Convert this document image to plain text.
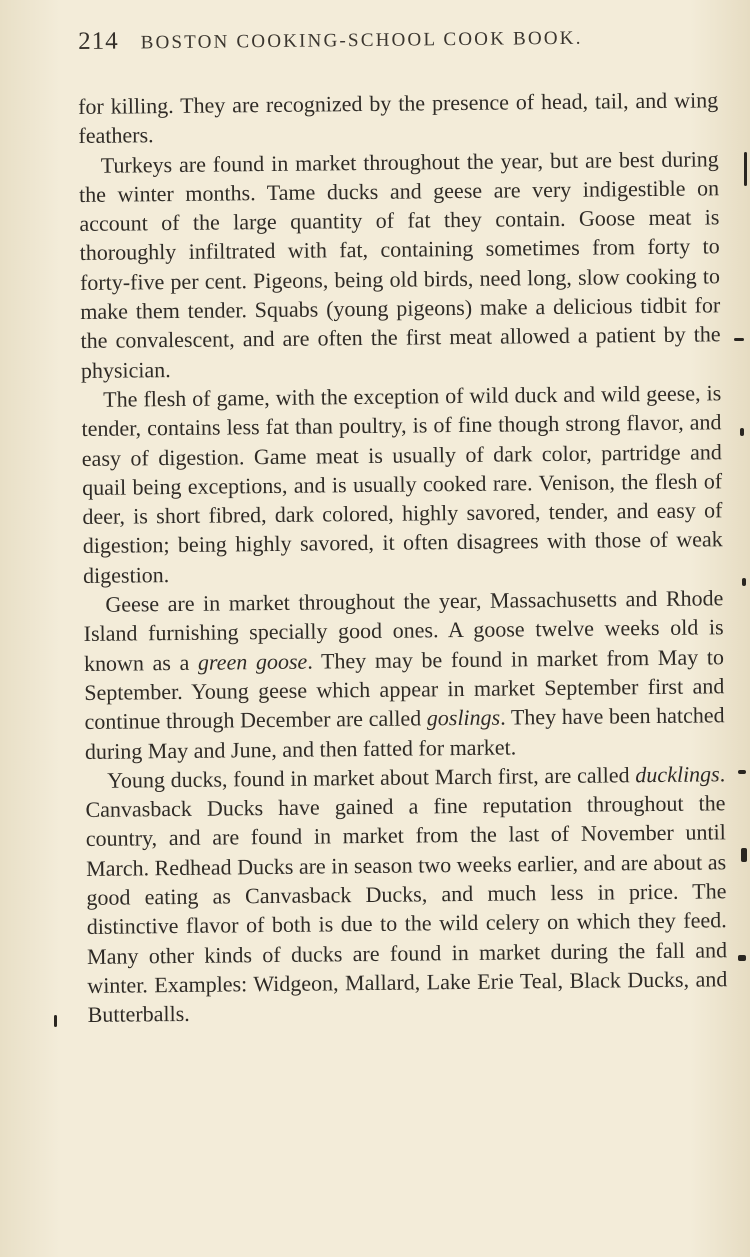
214 BOSTON COOKING-SCHOOL COOK BOOK.

for killing. They are recognized by the presence of head, tail, and wing feathers.

Turkeys are found in market throughout the year, but are best during the winter months. Tame ducks and geese are very indigestible on account of the large quantity of fat they contain. Goose meat is thoroughly infiltrated with fat, containing sometimes from forty to forty-five per cent. Pigeons, being old birds, need long, slow cooking to make them tender. Squabs (young pigeons) make a delicious tidbit for the convalescent, and are often the first meat allowed a patient by the physician.

The flesh of game, with the exception of wild duck and wild geese, is tender, contains less fat than poultry, is of fine though strong flavor, and easy of digestion. Game meat is usually of dark color, partridge and quail being exceptions, and is usually cooked rare. Venison, the flesh of deer, is short fibred, dark colored, highly savored, tender, and easy of digestion; being highly savored, it often disagrees with those of weak digestion.

Geese are in market throughout the year, Massachusetts and Rhode Island furnishing specially good ones. A goose twelve weeks old is known as a green goose. They may be found in market from May to September. Young geese which appear in market September first and continue through December are called goslings. They have been hatched during May and June, and then fatted for market.

Young ducks, found in market about March first, are called ducklings. Canvasback Ducks have gained a fine reputation throughout the country, and are found in market from the last of November until March. Redhead Ducks are in season two weeks earlier, and are about as good eating as Canvasback Ducks, and much less in price. The distinctive flavor of both is due to the wild celery on which they feed. Many other kinds of ducks are found in market during the fall and winter. Examples: Widgeon, Mallard, Lake Erie Teal, Black Ducks, and Butterballs.
